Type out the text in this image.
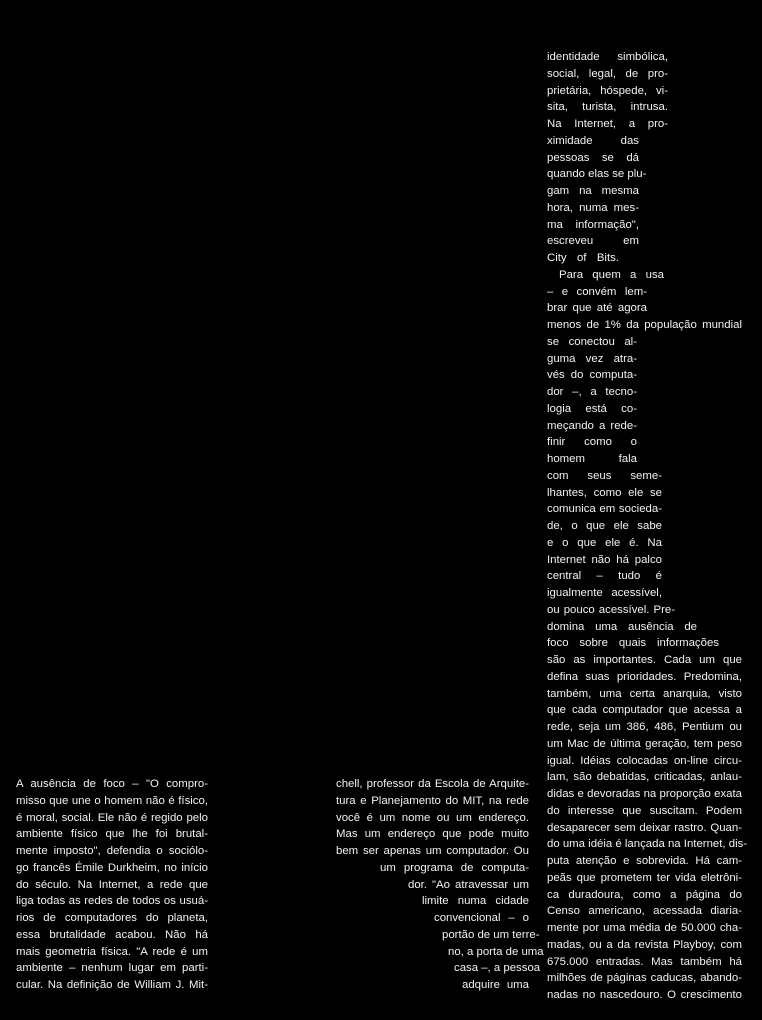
identidade simbólica,
social, legal, de pro-
prietária, hóspede, vi-
sita, turista, intrusa.
Na Internet, a pro-
ximidade das
pessoas se dá
quando elas se plu-
gam na mesma
hora, numa mes-
ma informação",
escreveu em
City of Bits.
Para quem a usa
– e convém lem-
brar que até agora
menos de 1% da população mundial
se conectou al-
guma vez atra-
vés do computa-
dor –, a tecno-
logia está co-
meçando a rede-
finir como o
homem fala
com seus seme-
lhantes, como ele se
comunica em socieda-
de, o que ele sabe
e o que ele é. Na
Internet não há palco
central – tudo é
igualmente acessível,
ou pouco acessível. Pre-
domina uma ausência de
foco sobre quais informações
são as importantes. Cada um que
defina suas prioridades. Predomina,
também, uma certa anarquia, visto
que cada computador que acessa a
rede, seja um 386, 486, Pentium ou
um Mac de última geração, tem peso
igual. Idéias colocadas on-line circu-
lam, são debatidas, criticadas, anlau-
didas e devoradas na proporção exata
do interesse que suscitam. Podem
desaparecer sem deixar rastro. Quan-
do uma idéia é lançada na Internet, dis-
puta atenção e sobrevida. Há cam-
peãs que prometem ter vida eletrôni-
ca duradoura, como a página do
Censo americano, acessada diaria-
mente por uma média de 50.000 cha-
madas, ou a da revista Playboy, com
675.000 entradas. Mas também há
milhões de páginas caducas, abando-
nadas no nascedouro. O crescimento
A ausência de foco – "O compro-
misso que une o homem não é físico,
é moral, social. Ele não é regido pelo
ambiente físico que lhe foi brutal-
mente imposto", defendia o sociólo-
go francês Émile Durkheim, no início
do século. Na Internet, a rede que
liga todas as redes de todos os usuá-
rios de computadores do planeta,
essa brutalidade acabou. Não há
mais geometria física. "A rede é um
ambiente – nenhum lugar em parti-
cular. Na definição de William J. Mit-
chell, professor da Escola de Arquite-
tura e Planejamento do MIT, na rede
você é um nome ou um endereço.
Mas um endereço que pode muito
bem ser apenas um computador. Ou
um programa de computa-
dor. "Ao atravessar um
limite numa cidade
convencional – o
portão de um terre-
no, a porta de uma
casa –, a pessoa
adquire uma
